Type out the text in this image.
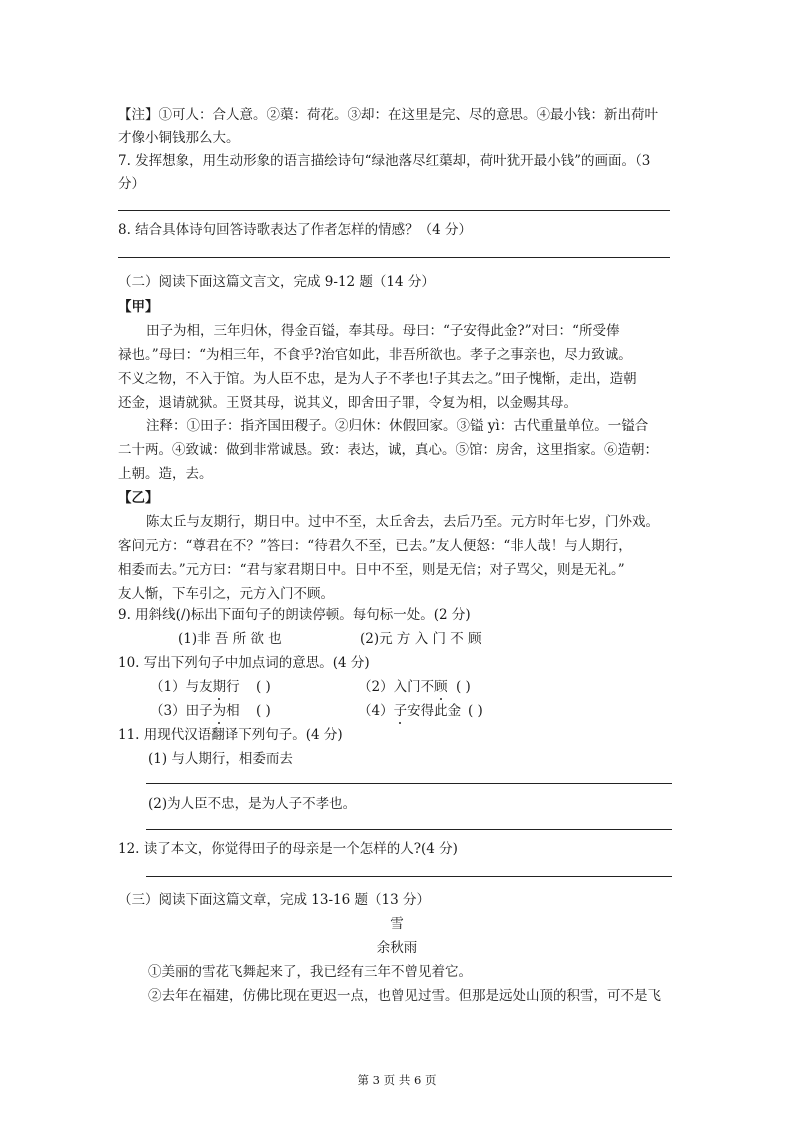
【注】①可人：合人意。②蕖：荷花。③却：在这里是完、尽的意思。④最小钱：新出荷叶
才像小铜钱那么大。
7. 发挥想象，用生动形象的语言描绘诗句“绿池落尽红蕖却，荷叶犹开最小钱”的画面。（3
分）
8. 结合具体诗句回答诗歌表达了作者怎样的情感？（4 分）
（二）阅读下面这篇文言文，完成 9-12 题（14 分）
【甲】
田子为相，三年归休，得金百镒，奉其母。母曰：“子安得此金?”对曰：“所受俸
禄也。”母曰：“为相三年，不食乎?治官如此，非吾所欲也。孝子之事亲也，尽力致诚。
不义之物，不入于馆。为人臣不忠，是为人子不孝也!子其去之。”田子愧惭，走出，造朝
还金，退请就狱。王贤其母，说其义，即舍田子罪，令复为相，以金赐其母。
注释：①田子：指齐国田稷子。②归休：休假回家。③镒 yì：古代重量单位。一镒合
二十两。④致诚：做到非常诚恳。致：表达，诚，真心。⑤馆：房舍，这里指家。⑥造朝：
上朝。造，去。
【乙】
陈太丘与友期行，期日中。过中不至，太丘舍去，去后乃至。元方时年七岁，门外戏。
客问元方：“尊君在不？”答曰：“待君久不至，已去。”友人便怒：“非人哉！与人期行，
相委而去。”元方曰：“君与家君期日中。日中不至，则是无信；对子骂父，则是无礼。”
友人惭，下车引之，元方入门不顾。
9. 用斜线(/)标出下面句子的朗读停顿。每句标一处。(2 分)
(1)非 吾 所 欲 也	(2)元 方 入 门 不 顾
10. 写出下列句子中加点词的意思。(4 分)
（1）与友期行 ( )	（2）入门不顾 ( )
（3）田子为相 ( )	（4）子安得此金 ( )
11. 用现代汉语翻译下列句子。(4 分)
(1) 与人期行，相委而去
(2)为人臣不忠，是为人子不孝也。
12. 读了本文，你觉得田子的母亲是一个怎样的人?(4 分)
（三）阅读下面这篇文章，完成 13-16 题（13 分）
雪
余秋雨
①美丽的雪花飞舞起来了，我已经有三年不曾见着它。
②去年在福建，仿佛比现在更迟一点，也曾见过雪。但那是远处山顶的积雪，可不是飞
第 3 页 共 6 页
